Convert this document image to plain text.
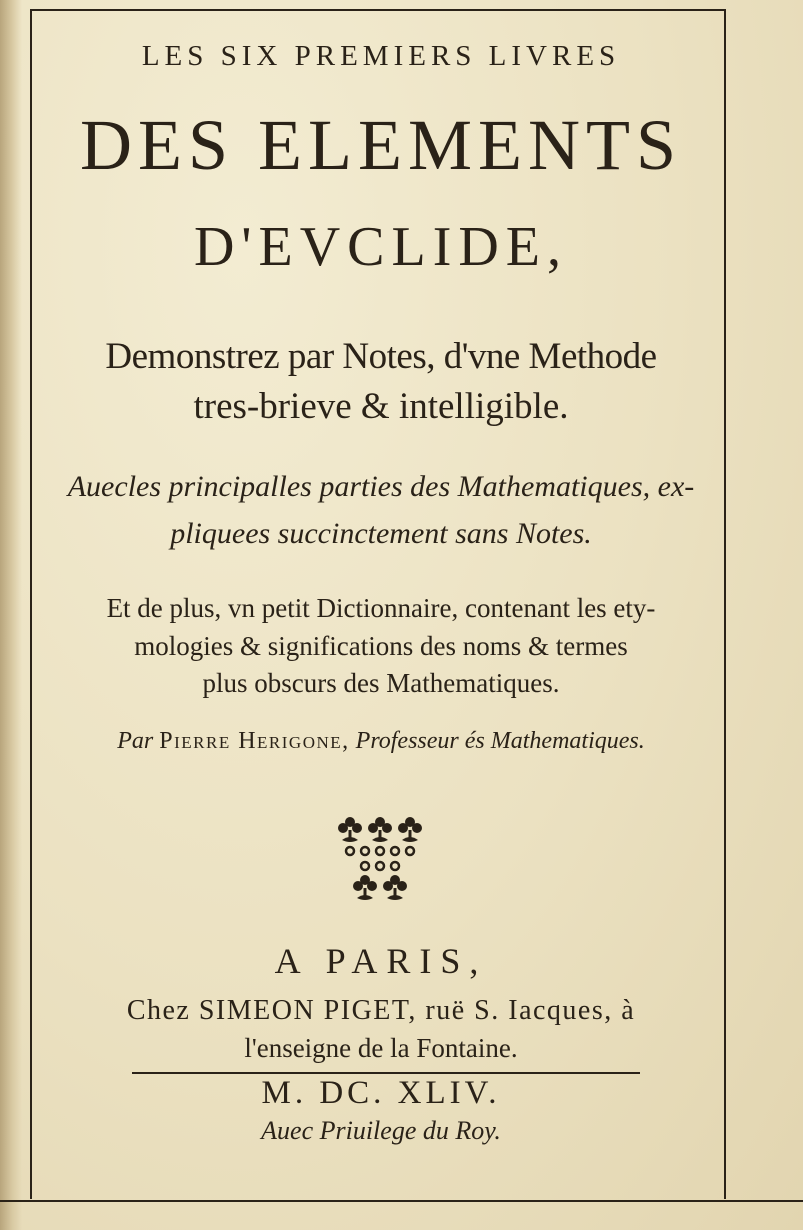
LES SIX PREMIERS LIVRES
DES ELEMENTS
D'EVCLIDE,
Demonstrez par Notes, d'vne Methode
tres-brieve & intelligible.
Auecles principalles parties des Mathematiques, ex-
pliquees succinctement sans Notes.
Et de plus, vn petit Dictionnaire, contenant les ety-
mologies & significations des noms & termes
plus obscurs des Mathematiques.
Par Pierre Herigone, Professeur és Mathematiques.
A PARIS,
Chez SIMEON PIGET, ruë S. Iacques, à
l'enseigne de la Fontaine.
M. DC. XLIV.
Auec Priuilege du Roy.
